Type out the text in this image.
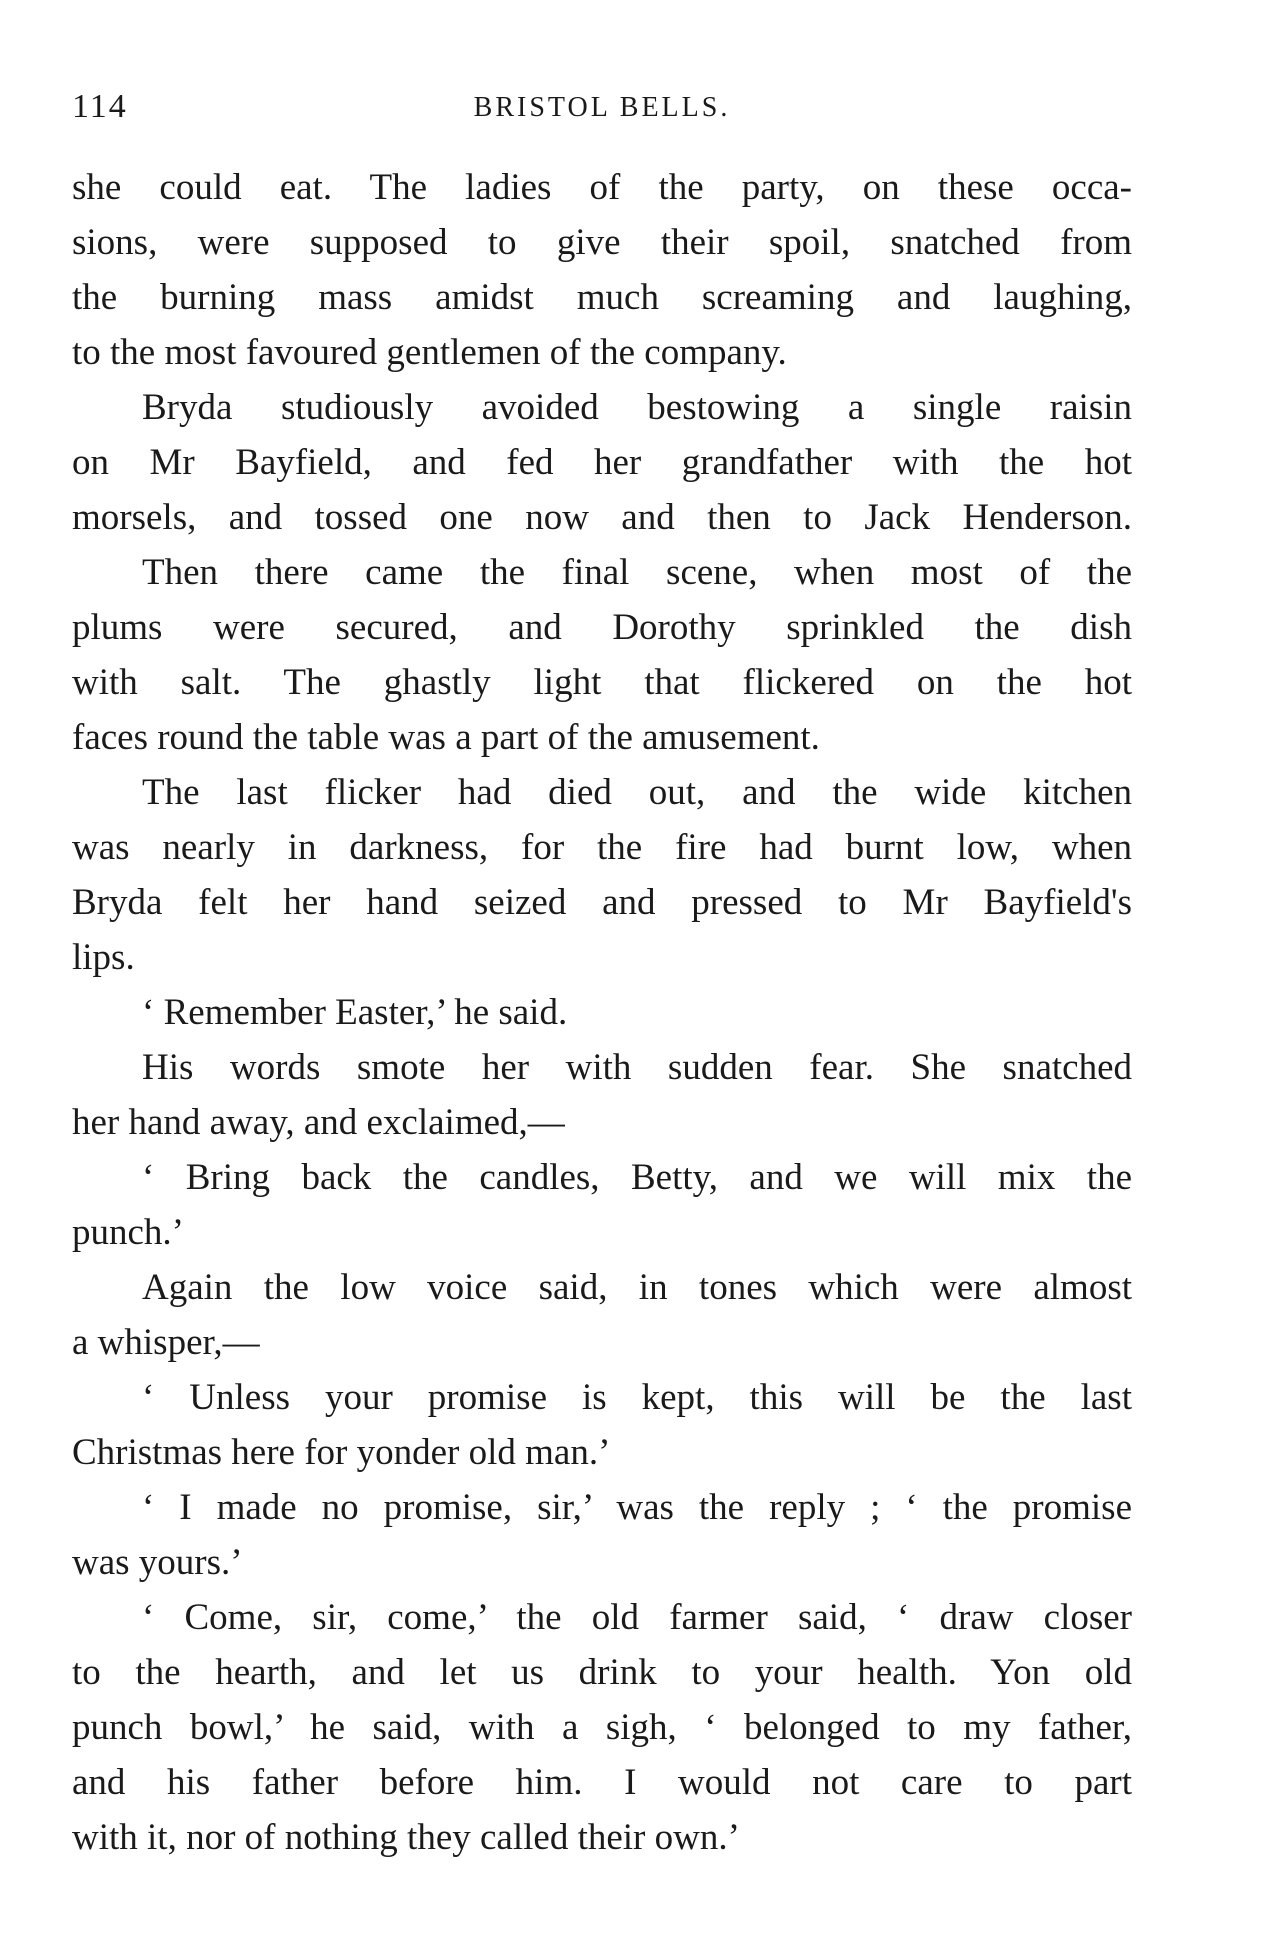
114	BRISTOL BELLS.
she could eat. The ladies of the party, on these occa-
sions, were supposed to give their spoil, snatched from
the burning mass amidst much screaming and laughing,
to the most favoured gentlemen of the company.
Bryda studiously avoided bestowing a single raisin
on Mr Bayfield, and fed her grandfather with the hot
morsels, and tossed one now and then to Jack Henderson.
Then there came the final scene, when most of the
plums were secured, and Dorothy sprinkled the dish
with salt. The ghastly light that flickered on the hot
faces round the table was a part of the amusement.
The last flicker had died out, and the wide kitchen
was nearly in darkness, for the fire had burnt low, when
Bryda felt her hand seized and pressed to Mr Bayfield's
lips.
‘ Remember Easter,’ he said.
His words smote her with sudden fear. She snatched
her hand away, and exclaimed,—
‘ Bring back the candles, Betty, and we will mix the
punch.’
Again the low voice said, in tones which were almost
a whisper,—
‘ Unless your promise is kept, this will be the last
Christmas here for yonder old man.’
‘ I made no promise, sir,’ was the reply ; ‘ the promise
was yours.’
‘ Come, sir, come,’ the old farmer said, ‘ draw closer
to the hearth, and let us drink to your health. Yon old
punch bowl,’ he said, with a sigh, ‘ belonged to my father,
and his father before him. I would not care to part
with it, nor of nothing they called their own.’
